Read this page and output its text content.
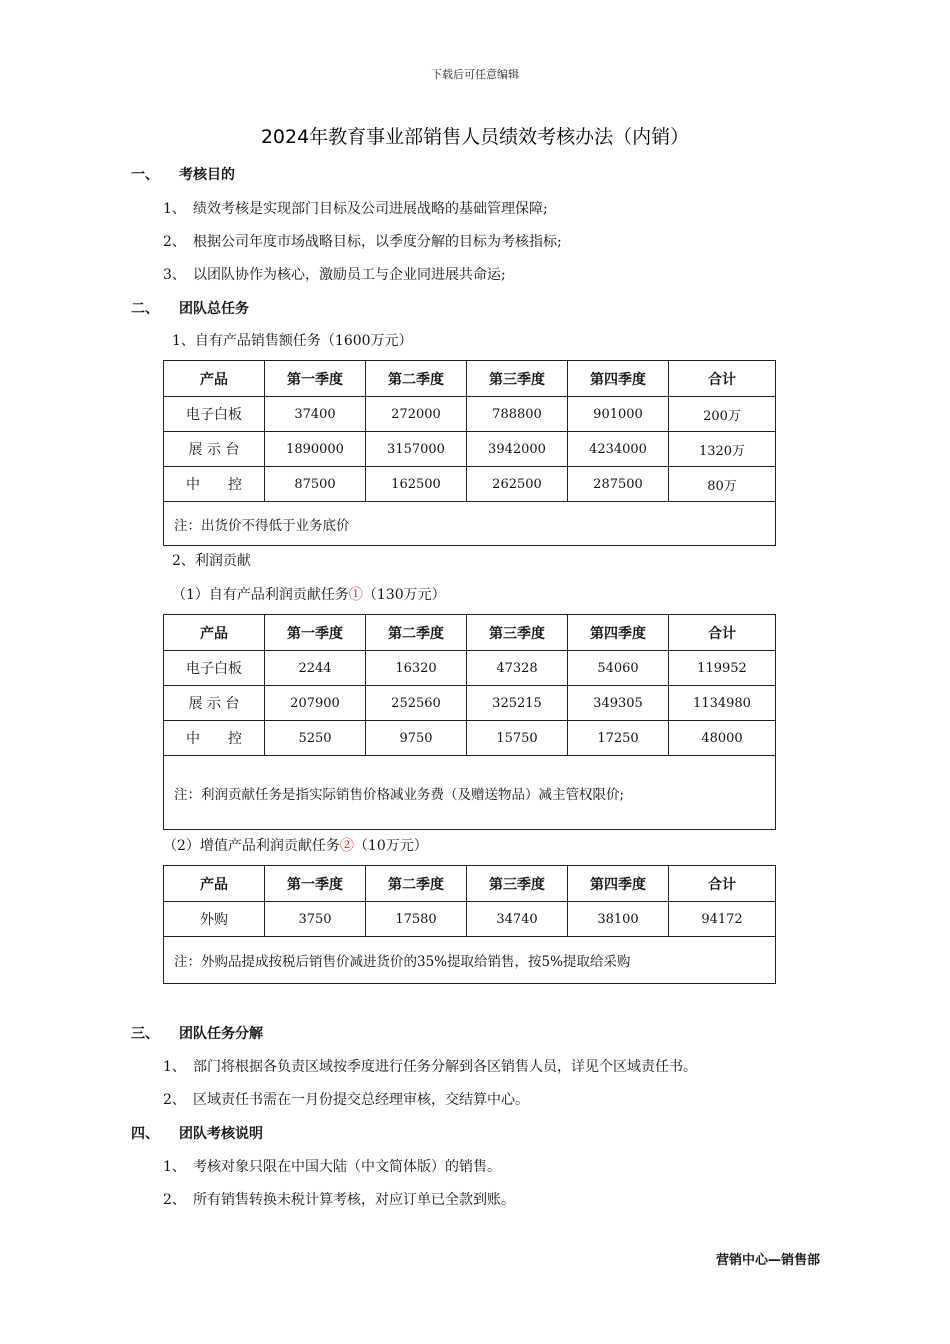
下载后可任意编辑
2024年教育事业部销售人员绩效考核办法（内销）
一、 考核目的
1、 绩效考核是实现部门目标及公司进展战略的基础管理保障;
2、 根据公司年度市场战略目标，以季度分解的目标为考核指标;
3、 以团队协作为核心，激励员工与企业同进展共命运;
二、 团队总任务
1、自有产品销售额任务（1600万元）
产品	第一季度	第二季度	第三季度	第四季度	合计
电子白板	37400	272000	788800	901000	200万
展 示 台	1890000	3157000	3942000	4234000	1320万
中　　控	87500	162500	262500	287500	80万
注：出货价不得低于业务底价					
2、利润贡献
（1）自有产品利润贡献任务①（130万元）
产品	第一季度	第二季度	第三季度	第四季度	合计
电子白板	2244	16320	47328	54060	119952
展 示 台	207900	252560	325215	349305	1134980
中　　控	5250	9750	15750	17250	48000
注：利润贡献任务是指实际销售价格减业务费（及赠送物品）减主管权限价;					
（2）增值产品利润贡献任务②（10万元）
产品	第一季度	第二季度	第三季度	第四季度	合计
外购	3750	17580	34740	38100	94172
注：外购品提成按税后销售价减进货价的35%提取给销售，按5%提取给采购					
三、 团队任务分解
1、 部门将根据各负责区域按季度进行任务分解到各区销售人员，详见个区域责任书。
2、 区域责任书需在一月份提交总经理审核，交结算中心。
四、 团队考核说明
1、 考核对象只限在中国大陆（中文简体版）的销售。
2、 所有销售转换未税计算考核，对应订单已全款到账。
营销中心—销售部
